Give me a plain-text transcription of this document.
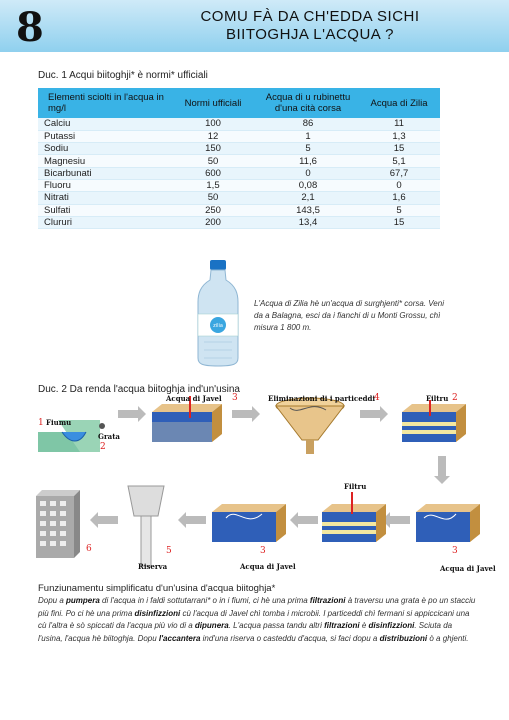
8	COMU FÀ DA CH'EDDA SICHI
BIITOGHJA L'ACQUA ?
Duc. 1 Acqui biitoghji* è normi* ufficiali
Elementi sciolti in l'acqua in mg/l	Normi ufficiali	Acqua di u rubinettu d'una cità corsa	Acqua di Zilia
Calciu	100	86	11
Putassi	12	1	1,3
Sodiu	150	5	15
Magnesiu	50	11,6	5,1
Bicarbunati	600	0	67,7
Fluoru	1,5	0,08	0
Nitrati	50	2,1	1,6
Sulfati	250	143,5	5
Clururi	200	13,4	15
zilia
L'Acqua di Zilia hè un'acqua di surghjenti* corsa. Veni da a Balagna, esci da i fianchi di u Monti Grossu, chì misura 1 800 m.
Duc. 2 Da renda l'acqua biitoghja ind'un'usina
1 Fiumu
Grata
2
Acqua di Javel 3	Eliminazioni di i particeddi
4	Filtru 2
Filtru
3
Acqua di Javel
3
Acqua di Javel
5
Riserva
6
Funziunamentu simplificatu d'un'usina d'acqua biitoghja*
Dopu a pumpera di l'acqua in i faldi sottutarrani* o in i fiumi, ci hè una prima filtrazioni à traversu una grata è po un stacciu più fini. Po ci hè una prima disinfizzioni cù l'acqua di Javel chì tomba i microbii. I particeddi chì fermani si appiccicani una cù l'altra è sò spiccati da l'acqua più vio di a dipunera. L'acqua passa tandu altri filtrazioni è disinfizzioni. Sciuta da l'usina, l'acqua hè biitoghja. Dopu l'accantera ind'una riserva o casteddu d'acqua, si faci dopu a distribuzioni ò a ghjenti.
